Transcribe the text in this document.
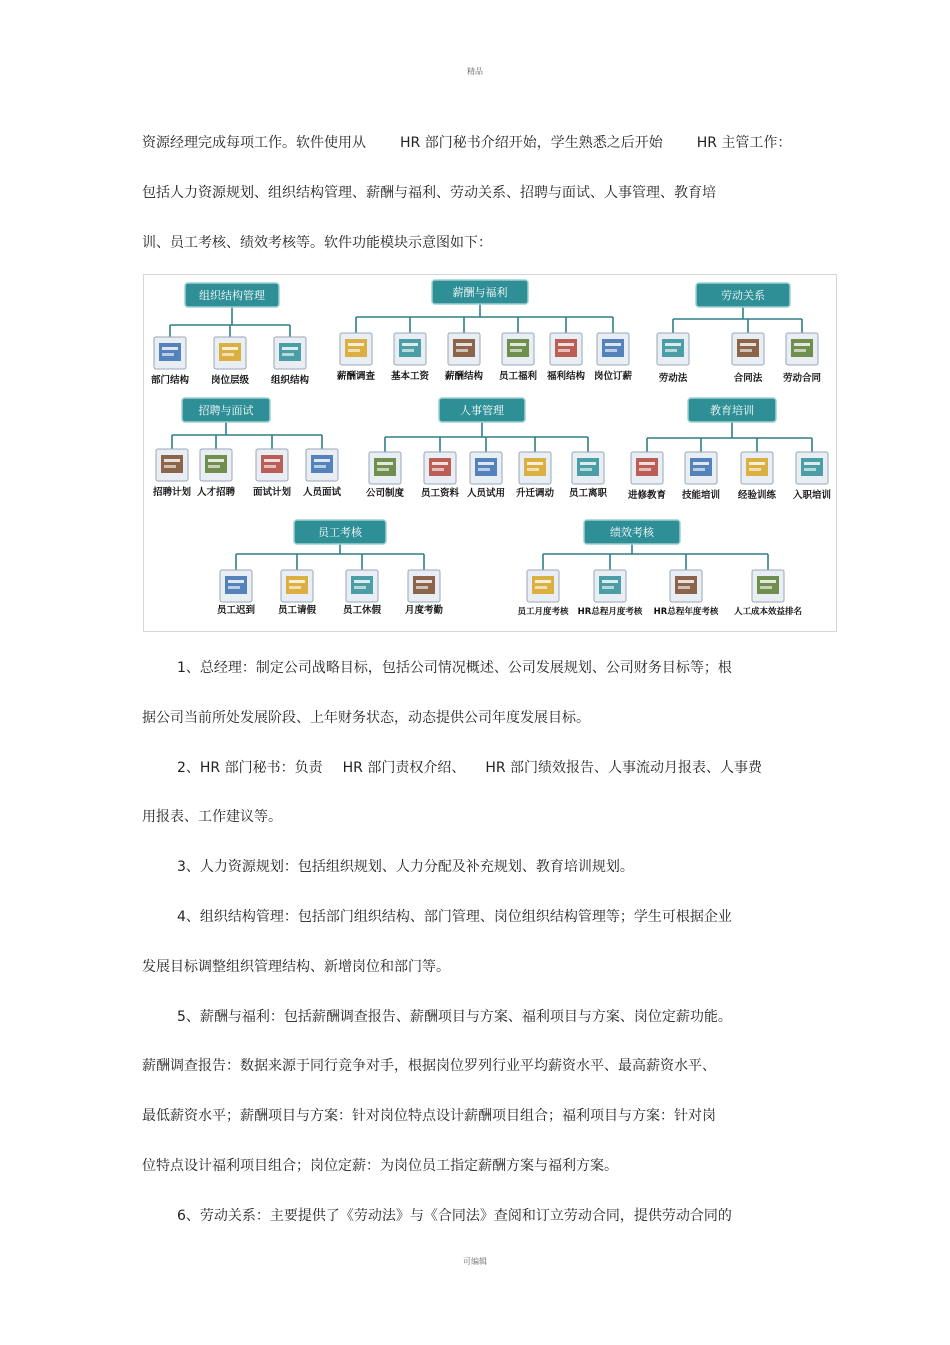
精品
资源经理完成每项工作。软件使用从 HR 部门秘书介绍开始，学生熟悉之后开始 HR 主管工作：
包括人力资源规划、组织结构管理、薪酬与福利、劳动关系、招聘与面试、人事管理、教育培
训、员工考核、绩效考核等。软件功能模块示意图如下：
组织结构管理
部门结构 岗位层级 组织结构
薪酬与福利
薪酬调查 基本工资 薪酬结构 员工福利 福利结构 岗位订薪
劳动关系
劳动法	合同法 劳动合同
招聘与面试
招聘计划 人才招聘 面试计划 人员面试
人事管理
公司制度 员工资料 人员试用 升迁调动 员工离职
教育培训
进修教育 技能培训 经验训练 入职培训
员工考核
员工迟到 员工请假	员工休假	月度考勤
绩效考核
员工月度考核 HR总程月度考核 HR总程年度考核 人工成本效益排名
1、总经理：制定公司战略目标，包括公司情况概述、公司发展规划、公司财务目标等；根
据公司当前所处发展阶段、上年财务状态，动态提供公司年度发展目标。
2、HR 部门秘书：负责 HR 部门责权介绍、 HR 部门绩效报告、人事流动月报表、人事费
用报表、工作建议等。
3、人力资源规划：包括组织规划、人力分配及补充规划、教育培训规划。
4、组织结构管理：包括部门组织结构、部门管理、岗位组织结构管理等；学生可根据企业
发展目标调整组织管理结构、新增岗位和部门等。
5、薪酬与福利：包括薪酬调查报告、薪酬项目与方案、福利项目与方案、岗位定薪功能。
薪酬调查报告：数据来源于同行竞争对手，根据岗位罗列行业平均薪资水平、最高薪资水平、
最低薪资水平；薪酬项目与方案：针对岗位特点设计薪酬项目组合；福利项目与方案：针对岗
位特点设计福利项目组合；岗位定薪：为岗位员工指定薪酬方案与福利方案。
6、劳动关系：主要提供了《劳动法》与《合同法》查阅和订立劳动合同，提供劳动合同的
可编辑
